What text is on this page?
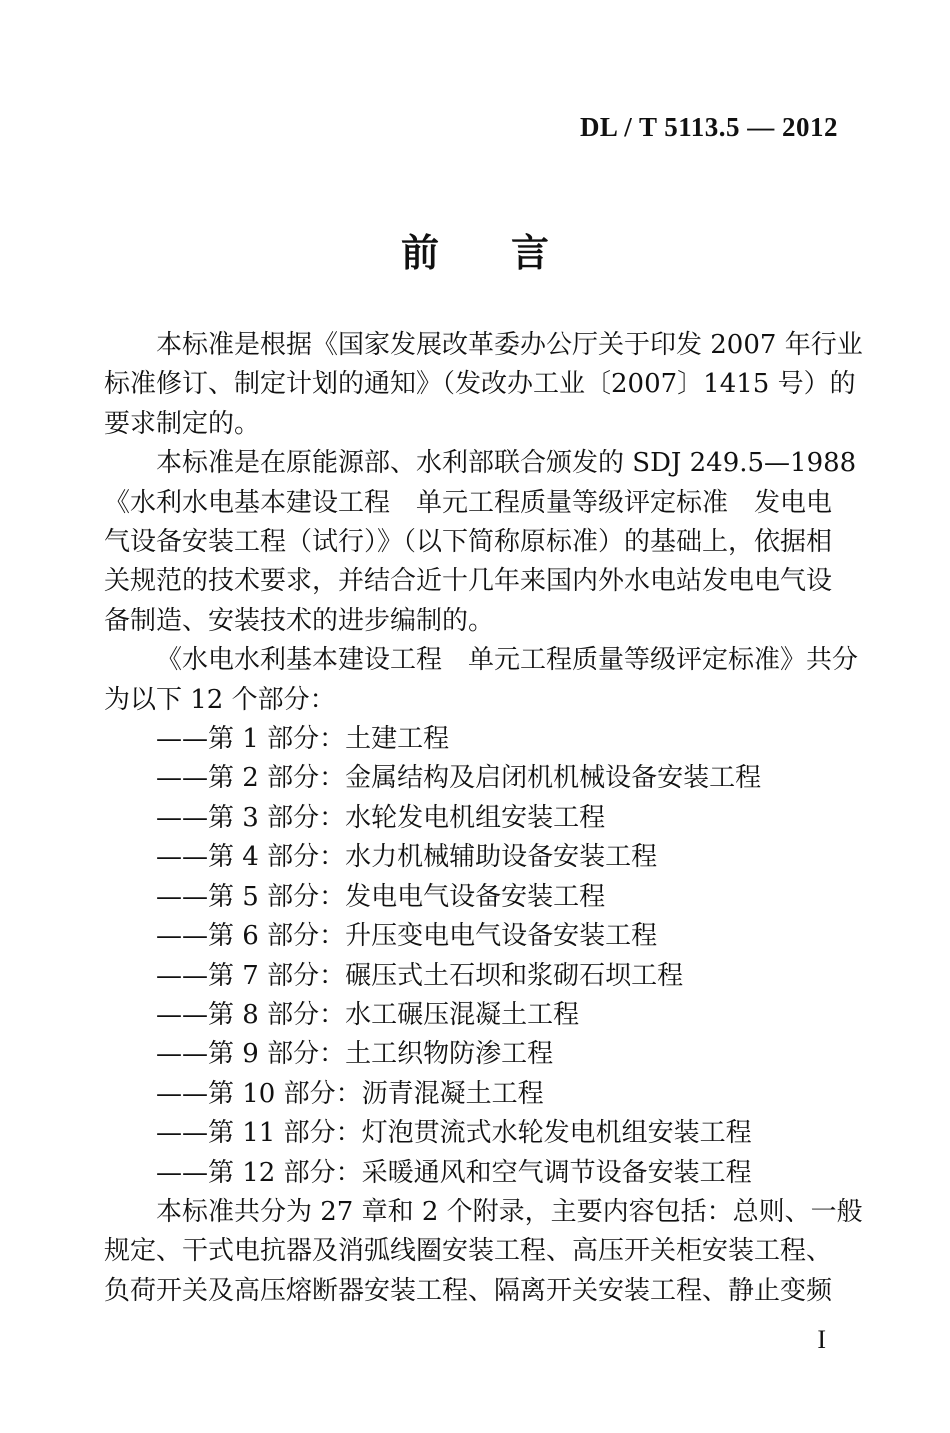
DL / T 5113.5 — 2012
前 言

本标准是根据《国家发展改革委办公厅关于印发 2007 年行业
标准修订、制定计划的通知》（发改办工业〔2007〕1415 号）的
要求制定的。

本标准是在原能源部、水利部联合颁发的 SDJ 249.5—1988
《水利水电基本建设工程　单元工程质量等级评定标准　发电电
气设备安装工程（试行）》（以下简称原标准）的基础上，依据相
关规范的技术要求，并结合近十几年来国内外水电站发电电气设
备制造、安装技术的进步编制的。

《水电水利基本建设工程　单元工程质量等级评定标准》共分
为以下 12 个部分：

——第 1 部分：土建工程

——第 2 部分：金属结构及启闭机机械设备安装工程

——第 3 部分：水轮发电机组安装工程

——第 4 部分：水力机械辅助设备安装工程

——第 5 部分：发电电气设备安装工程

——第 6 部分：升压变电电气设备安装工程

——第 7 部分：碾压式土石坝和浆砌石坝工程

——第 8 部分：水工碾压混凝土工程

——第 9 部分：土工织物防渗工程

——第 10 部分：沥青混凝土工程

——第 11 部分：灯泡贯流式水轮发电机组安装工程

——第 12 部分：采暖通风和空气调节设备安装工程

本标准共分为 27 章和 2 个附录，主要内容包括：总则、一般
规定、干式电抗器及消弧线圈安装工程、高压开关柜安装工程、
负荷开关及高压熔断器安装工程、隔离开关安装工程、静止变频

I
